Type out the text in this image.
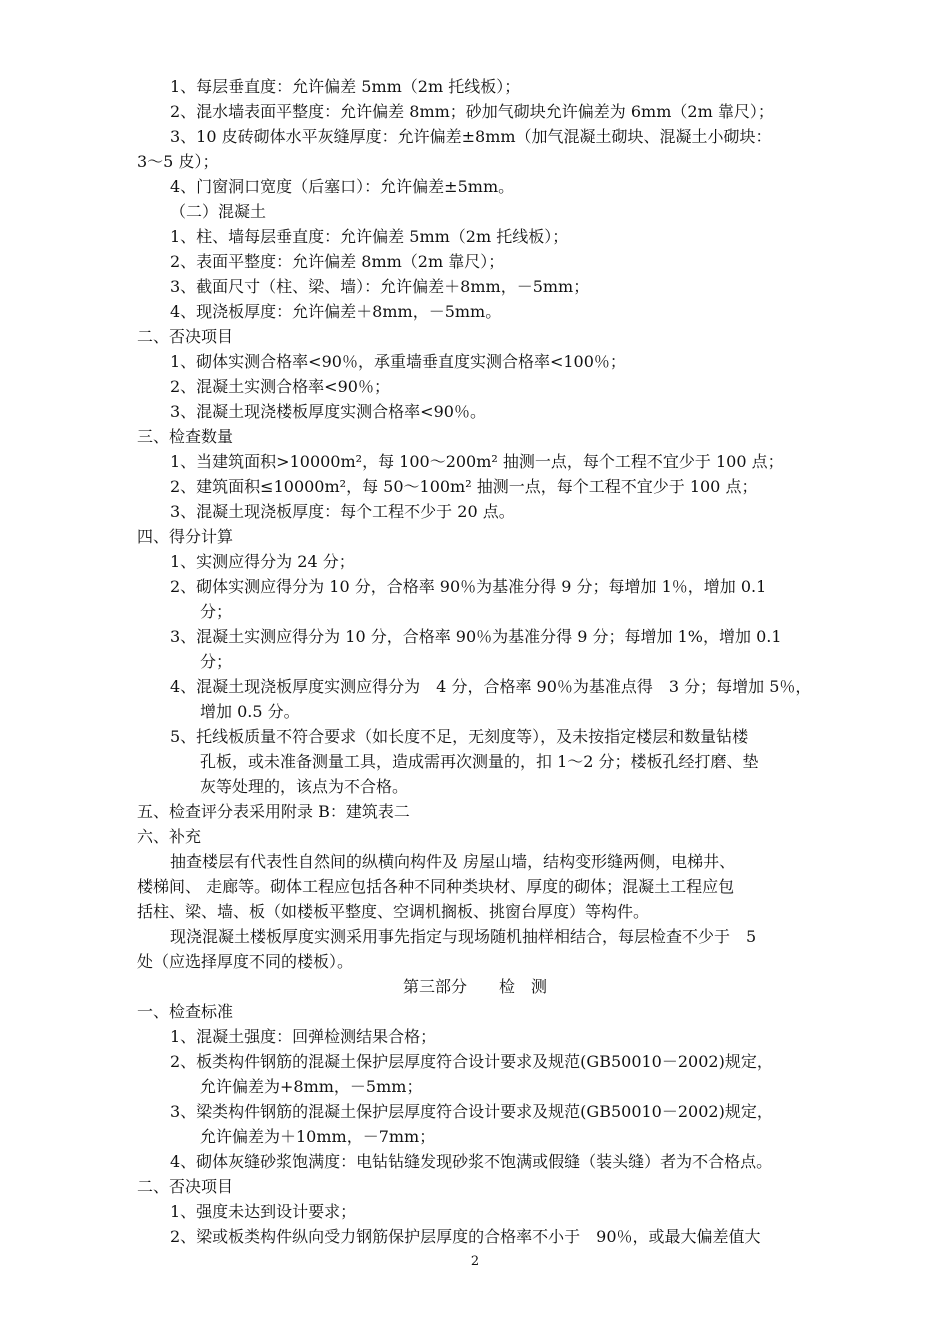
1、每层垂直度：允许偏差 5mm（2m 托线板）；
2、混水墙表面平整度：允许偏差 8mm；砂加气砌块允许偏差为 6mm（2m 靠尺）；
3、10 皮砖砌体水平灰缝厚度：允许偏差±8mm（加气混凝土砌块、混凝土小砌块：
3～5 皮）；
4、门窗洞口宽度（后塞口）：允许偏差±5mm。
（二）混凝土
1、柱、墙每层垂直度：允许偏差 5mm（2m 托线板）；
2、表面平整度：允许偏差 8mm（2m 靠尺）；
3、截面尺寸（柱、梁、墙）：允许偏差＋8mm，－5mm；
4、现浇板厚度：允许偏差＋8mm，－5mm。
二、否决项目
1、砌体实测合格率<90％，承重墙垂直度实测合格率<100％；
2、混凝土实测合格率<90％；
3、混凝土现浇楼板厚度实测合格率<90％。
三、检查数量
1、当建筑面积>10000m²，每 100～200m² 抽测一点，每个工程不宜少于 100 点；
2、建筑面积≤10000m²，每 50～100m² 抽测一点，每个工程不宜少于 100 点；
3、混凝土现浇板厚度：每个工程不少于 20 点。
四、得分计算
1、实测应得分为 24 分；
2、砌体实测应得分为 10 分，合格率 90％为基准分得 9 分；每增加 1％，增加 0.1
分；
3、混凝土实测应得分为 10 分，合格率 90％为基准分得 9 分；每增加 1%，增加 0.1
分；
4、混凝土现浇板厚度实测应得分为　4 分，合格率 90％为基准点得　3 分；每增加 5％，
增加 0.5 分。
5、托线板质量不符合要求（如长度不足，无刻度等），及未按指定楼层和数量钻楼
孔板，或未准备测量工具，造成需再次测量的，扣 1～2 分；楼板孔经打磨、垫
灰等处理的，该点为不合格。
五、检查评分表采用附录 B：建筑表二
六、补充
抽查楼层有代表性自然间的纵横向构件及 房屋山墙，结构变形缝两侧，电梯井、
楼梯间、 走廊等。砌体工程应包括各种不同种类块材、厚度的砌体；混凝土工程应包
括柱、梁、墙、板（如楼板平整度、空调机搁板、挑窗台厚度）等构件。
现浇混凝土楼板厚度实测采用事先指定与现场随机抽样相结合，每层检查不少于　5
处（应选择厚度不同的楼板）。
第三部分　　检　测
一、检查标准
1、混凝土强度：回弹检测结果合格；
2、板类构件钢筋的混凝土保护层厚度符合设计要求及规范(GB50010－2002)规定，
允许偏差为+8mm，－5mm；
3、梁类构件钢筋的混凝土保护层厚度符合设计要求及规范(GB50010－2002)规定，
允许偏差为＋10mm，－7mm；
4、砌体灰缝砂浆饱满度：电钻钻缝发现砂浆不饱满或假缝（装头缝）者为不合格点。
二、否决项目
1、强度未达到设计要求；
2、梁或板类构件纵向受力钢筋保护层厚度的合格率不小于　90％，或最大偏差值大
2
